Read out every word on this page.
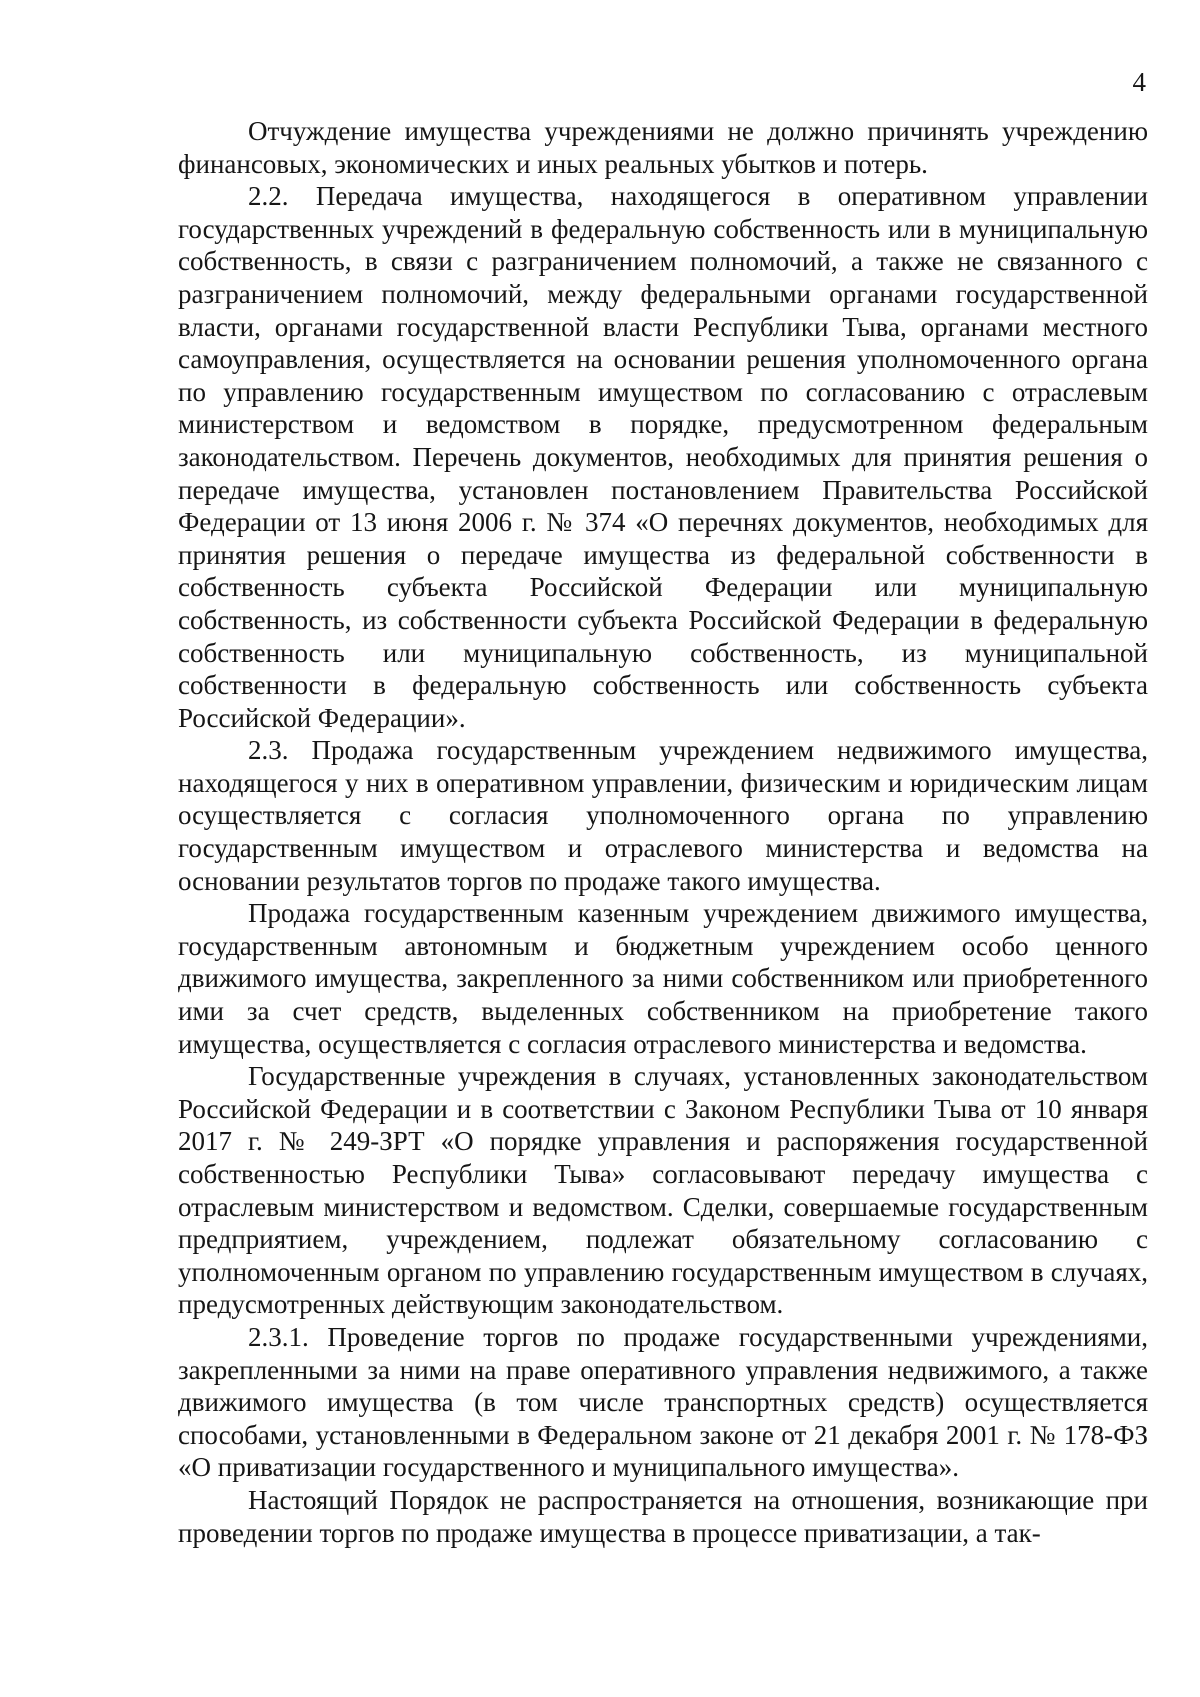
4

Отчуждение имущества учреждениями не должно причинять учреждению финансовых, экономических и иных реальных убытков и потерь.

2.2. Передача имущества, находящегося в оперативном управлении государственных учреждений в федеральную собственность или в муниципальную собственность, в связи с разграничением полномочий, а также не связанного с разграничением полномочий, между федеральными органами государственной власти, органами государственной власти Республики Тыва, органами местного самоуправления, осуществляется на основании решения уполномоченного органа по управлению государственным имуществом по согласованию с отраслевым министерством и ведомством в порядке, предусмотренном федеральным законодательством. Перечень документов, необходимых для принятия решения о передаче имущества, установлен постановлением Правительства Российской Федерации от 13 июня 2006 г. № 374 «О перечнях документов, необходимых для принятия решения о передаче имущества из федеральной собственности в собственность субъекта Российской Федерации или муниципальную собственность, из собственности субъекта Российской Федерации в федеральную собственность или муниципальную собственность, из муниципальной собственности в федеральную собственность или собственность субъекта Российской Федерации».

2.3. Продажа государственным учреждением недвижимого имущества, находящегося у них в оперативном управлении, физическим и юридическим лицам осуществляется с согласия уполномоченного органа по управлению государственным имуществом и отраслевого министерства и ведомства на основании результатов торгов по продаже такого имущества.

Продажа государственным казенным учреждением движимого имущества, государственным автономным и бюджетным учреждением особо ценного движимого имущества, закрепленного за ними собственником или приобретенного ими за счет средств, выделенных собственником на приобретение такого имущества, осуществляется с согласия отраслевого министерства и ведомства.

Государственные учреждения в случаях, установленных законодательством Российской Федерации и в соответствии с Законом Республики Тыва от 10 января 2017 г. № 249-ЗРТ «О порядке управления и распоряжения государственной собственностью Республики Тыва» согласовывают передачу имущества с отраслевым министерством и ведомством. Сделки, совершаемые государственным предприятием, учреждением, подлежат обязательному согласованию с уполномоченным органом по управлению государственным имуществом в случаях, предусмотренных действующим законодательством.

2.3.1. Проведение торгов по продаже государственными учреждениями, закрепленными за ними на праве оперативного управления недвижимого, а также движимого имущества (в том числе транспортных средств) осуществляется способами, установленными в Федеральном законе от 21 декабря 2001 г. № 178-ФЗ «О приватизации государственного и муниципального имущества».

Настоящий Порядок не распространяется на отношения, возникающие при проведении торгов по продаже имущества в процессе приватизации, а так-
